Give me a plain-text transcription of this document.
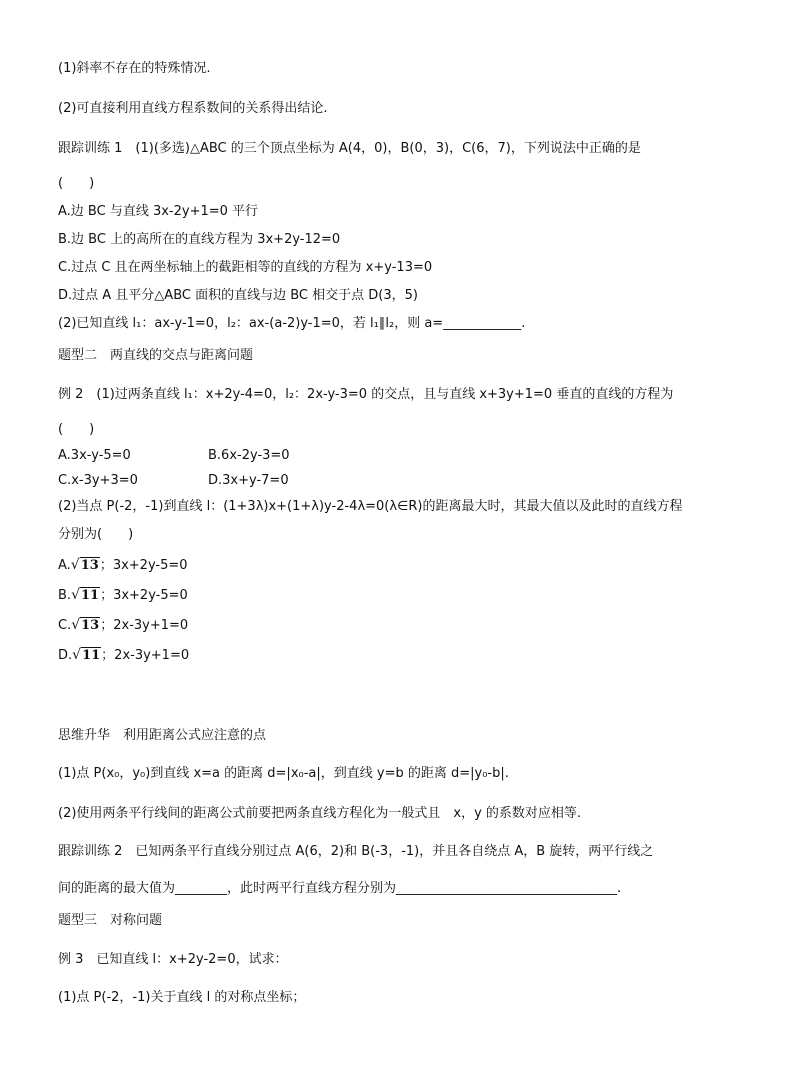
(1)斜率不存在的特殊情况.
(2)可直接利用直线方程系数间的关系得出结论.
跟踪训练 1　(1)(多选)△ABC 的三个顶点坐标为 A(4，0)，B(0，3)，C(6，7)，下列说法中正确的是
(　　)
A.边 BC 与直线 3x-2y+1=0 平行
B.边 BC 上的高所在的直线方程为 3x+2y-12=0
C.过点 C 且在两坐标轴上的截距相等的直线的方程为 x+y-13=0
D.过点 A 且平分△ABC 面积的直线与边 BC 相交于点 D(3，5)
(2)已知直线 l₁：ax-y-1=0，l₂：ax-(a-2)y-1=0，若 l₁∥l₂，则 a=____________.
题型二　两直线的交点与距离问题
例 2　(1)过两条直线 l₁：x+2y-4=0，l₂：2x-y-3=0 的交点，且与直线 x+3y+1=0 垂直的直线的方程为
(　　)
A.3x-y-5=0	B.6x-2y-3=0
C.x-3y+3=0	D.3x+y-7=0
(2)当点 P(-2，-1)到直线 l：(1+3λ)x+(1+λ)y-2-4λ=0(λ∈R)的距离最大时，其最大值以及此时的直线方程
分别为(　　)
A.√13；3x+2y-5=0
B.√11；3x+2y-5=0
C.√13；2x-3y+1=0
D.√11；2x-3y+1=0
思维升华　利用距离公式应注意的点
(1)点 P(x₀，y₀)到直线 x=a 的距离 d=|x₀-a|，到直线 y=b 的距离 d=|y₀-b|.
(2)使用两条平行线间的距离公式前要把两条直线方程化为一般式且　x，y 的系数对应相等.
跟踪训练 2　已知两条平行直线分别过点 A(6，2)和 B(-3，-1)，并且各自绕点 A，B 旋转，两平行线之
间的距离的最大值为________，此时两平行直线方程分别为__________________________________.
题型三　对称问题
例 3　已知直线 l：x+2y-2=0，试求：
(1)点 P(-2，-1)关于直线 l 的对称点坐标；
